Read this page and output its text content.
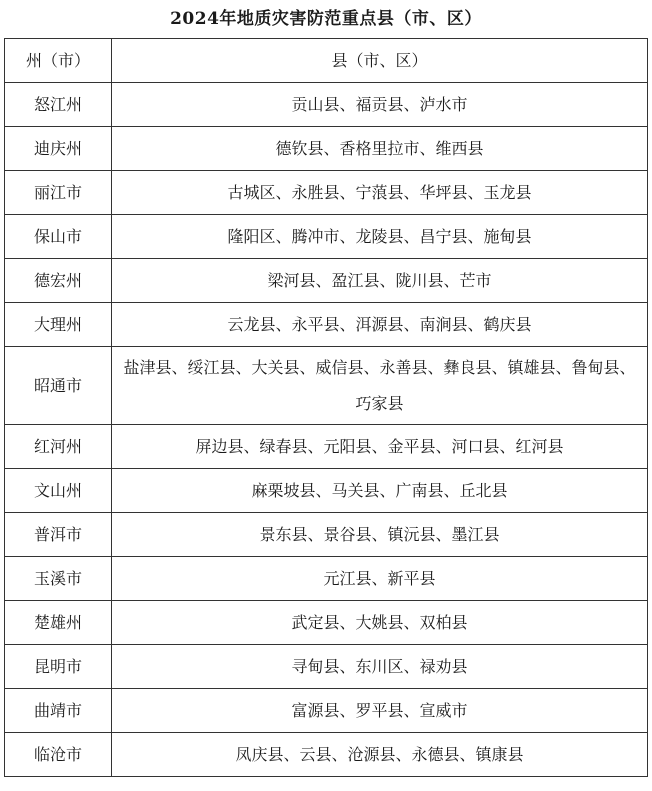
2024年地质灾害防范重点县（市、区）
州（市）	县（市、区）
怒江州	贡山县、福贡县、泸水市
迪庆州	德钦县、香格里拉市、维西县
丽江市	古城区、永胜县、宁蒗县、华坪县、玉龙县
保山市	隆阳区、腾冲市、龙陵县、昌宁县、施甸县
德宏州	梁河县、盈江县、陇川县、芒市
大理州	云龙县、永平县、洱源县、南涧县、鹤庆县
昭通市	盐津县、绥江县、大关县、威信县、永善县、彝良县、镇雄县、鲁甸县、巧家县
红河州	屏边县、绿春县、元阳县、金平县、河口县、红河县
文山州	麻栗坡县、马关县、广南县、丘北县
普洱市	景东县、景谷县、镇沅县、墨江县
玉溪市	元江县、新平县
楚雄州	武定县、大姚县、双柏县
昆明市	寻甸县、东川区、禄劝县
曲靖市	富源县、罗平县、宣威市
临沧市	凤庆县、云县、沧源县、永德县、镇康县
